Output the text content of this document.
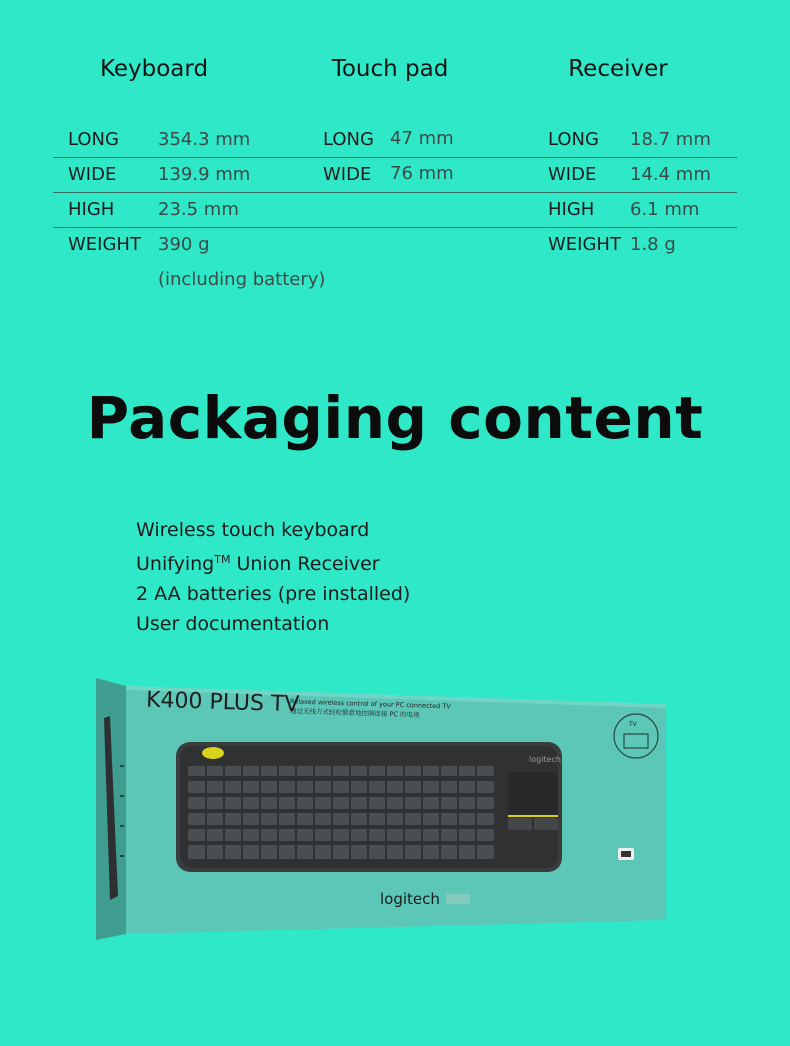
Keyboard	Touch pad	Receiver
LONG 354.3 mm
WIDE 139.9 mm
HIGH 23.5 mm
WEIGHT 390 g
(including battery)
LONG 47 mm
WIDE 76 mm
LONG 18.7 mm
WIDE 14.4 mm
HIGH 6.1 mm
WEIGHT 1.8 g
Packaging content
Wireless touch keyboard
Unifying™ Union Receiver
2 AA batteries (pre installed)
User documentation
K400 PLUS TV
Relaxed wireless control of your PC connected TV
通过无线方式轻松惬意地控制连接 PC 的电视
TV
logitech
logitech
